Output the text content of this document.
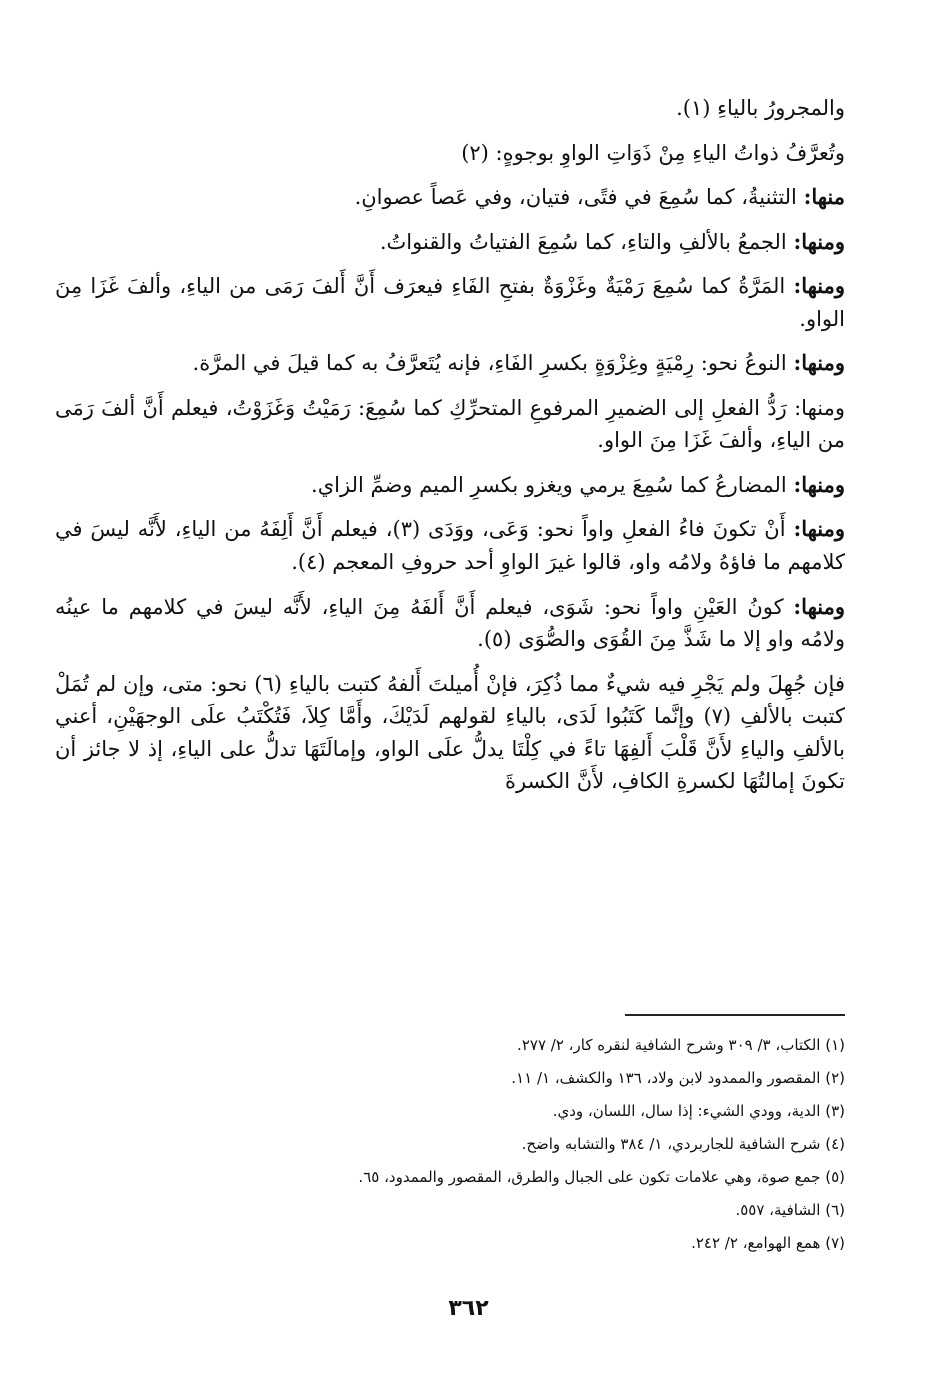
والمجرورُ بالياءِ (١).
وتُعرَّفُ ذواتُ الياءِ مِنْ ذَوَاتِ الواوِ بوجوهٍ: (٢)
منها: التثنيةُ، كما سُمِعَ في فتًى، فتيان، وفي عَصاً عصوانِ.
ومنها: الجمعُ بالألفِ والتاءِ، كما سُمِعَ الفتياتُ والقنواتُ.
ومنها: المَرَّةُ كما سُمِعَ رَمْيَةٌ وغَزْوَةٌ بفتحِ الفَاءِ فيعرَف أَنَّ أَلفَ رَمَى من الياءِ، وألفَ غَزَا مِنَ الواو.
ومنها: النوعُ نحو: رِمْيَةٍ وغِزْوَةٍ بكسرِ الفَاءِ، فإنه يُتَعرَّفُ به كما قيلَ في المرَّة.
ومنها: رَدُّ الفعلِ إلى الضميرِ المرفوعِ المتحرِّكِ كما سُمِعَ: رَمَيْتُ وَغَزَوْتُ، فيعلم أَنَّ ألفَ رَمَى من الياءِ، وألفَ غَزَا مِنَ الواو.
ومنها: المضارعُ كما سُمِعَ يرمي ويغزو بكسرِ الميم وضمِّ الزاي.
ومنها: أَنْ تكونَ فاءُ الفعلِ واواً نحو: وَعَى، ووَدَى (٣)، فيعلم أَنَّ أَلِفَهُ من الياءِ، لأَنَّه ليسَ في كلامهم ما فاؤهُ ولامُه واو، قالوا غيرَ الواوِ أحد حروفِ المعجم (٤).
ومنها: كونُ العَيْنِ واواً نحو: شَوَى، فيعلم أَنَّ أَلفَهُ مِنَ الياءِ، لأَنَّه ليسَ في كلامهم ما عينُه ولامُه واو إلا ما شَذَّ مِنَ القُوَى والصُّوَى (٥).
فإن جُهِلَ ولم يَجْرِ فيه شيءٌ مما ذُكِرَ، فإنْ أُميلتَ أَلفهُ كتبت بالياءِ (٦) نحو: متى، وإن لم تُمَلْ كتبت بالألفِ (٧) وإنَّما كَتَبُوا لَدَى، بالياءِ لقولهم لَدَيْكَ، وأَمَّا كِلاَ، فَتُكْتَبُ علَى الوجهَيْنِ، أعني بالألفِ والياءِ لأَنَّ قَلْبَ أَلفِهَا تاءً في كِلْتَا يدلُّ علَى الواو، وإمالَتَهَا تدلُّ على الياءِ، إذ لا جائز أن تكونَ إمالتُهَا لكسرةِ الكافِ، لأَنَّ الكسرةَ
(١) الكتاب، ٣/ ٣٠٩ وشرح الشافية لنقره كار، ٢/ ٢٧٧.
(٢) المقصور والممدود لابن ولاد، ١٣٦ والكشف، ١/ ١١.
(٣) الدية، وودي الشيء: إذا سال، اللسان، ودي.
(٤) شرح الشافية للجاربردي، ١/ ٣٨٤ والتشابه واضح.
(٥) جمع صوة، وهي علامات تكون على الجبال والطرق، المقصور والممدود، ٦٥.
(٦) الشافية، ٥٥٧.
(٧) همع الهوامع، ٢/ ٢٤٢.
٣٦٢
